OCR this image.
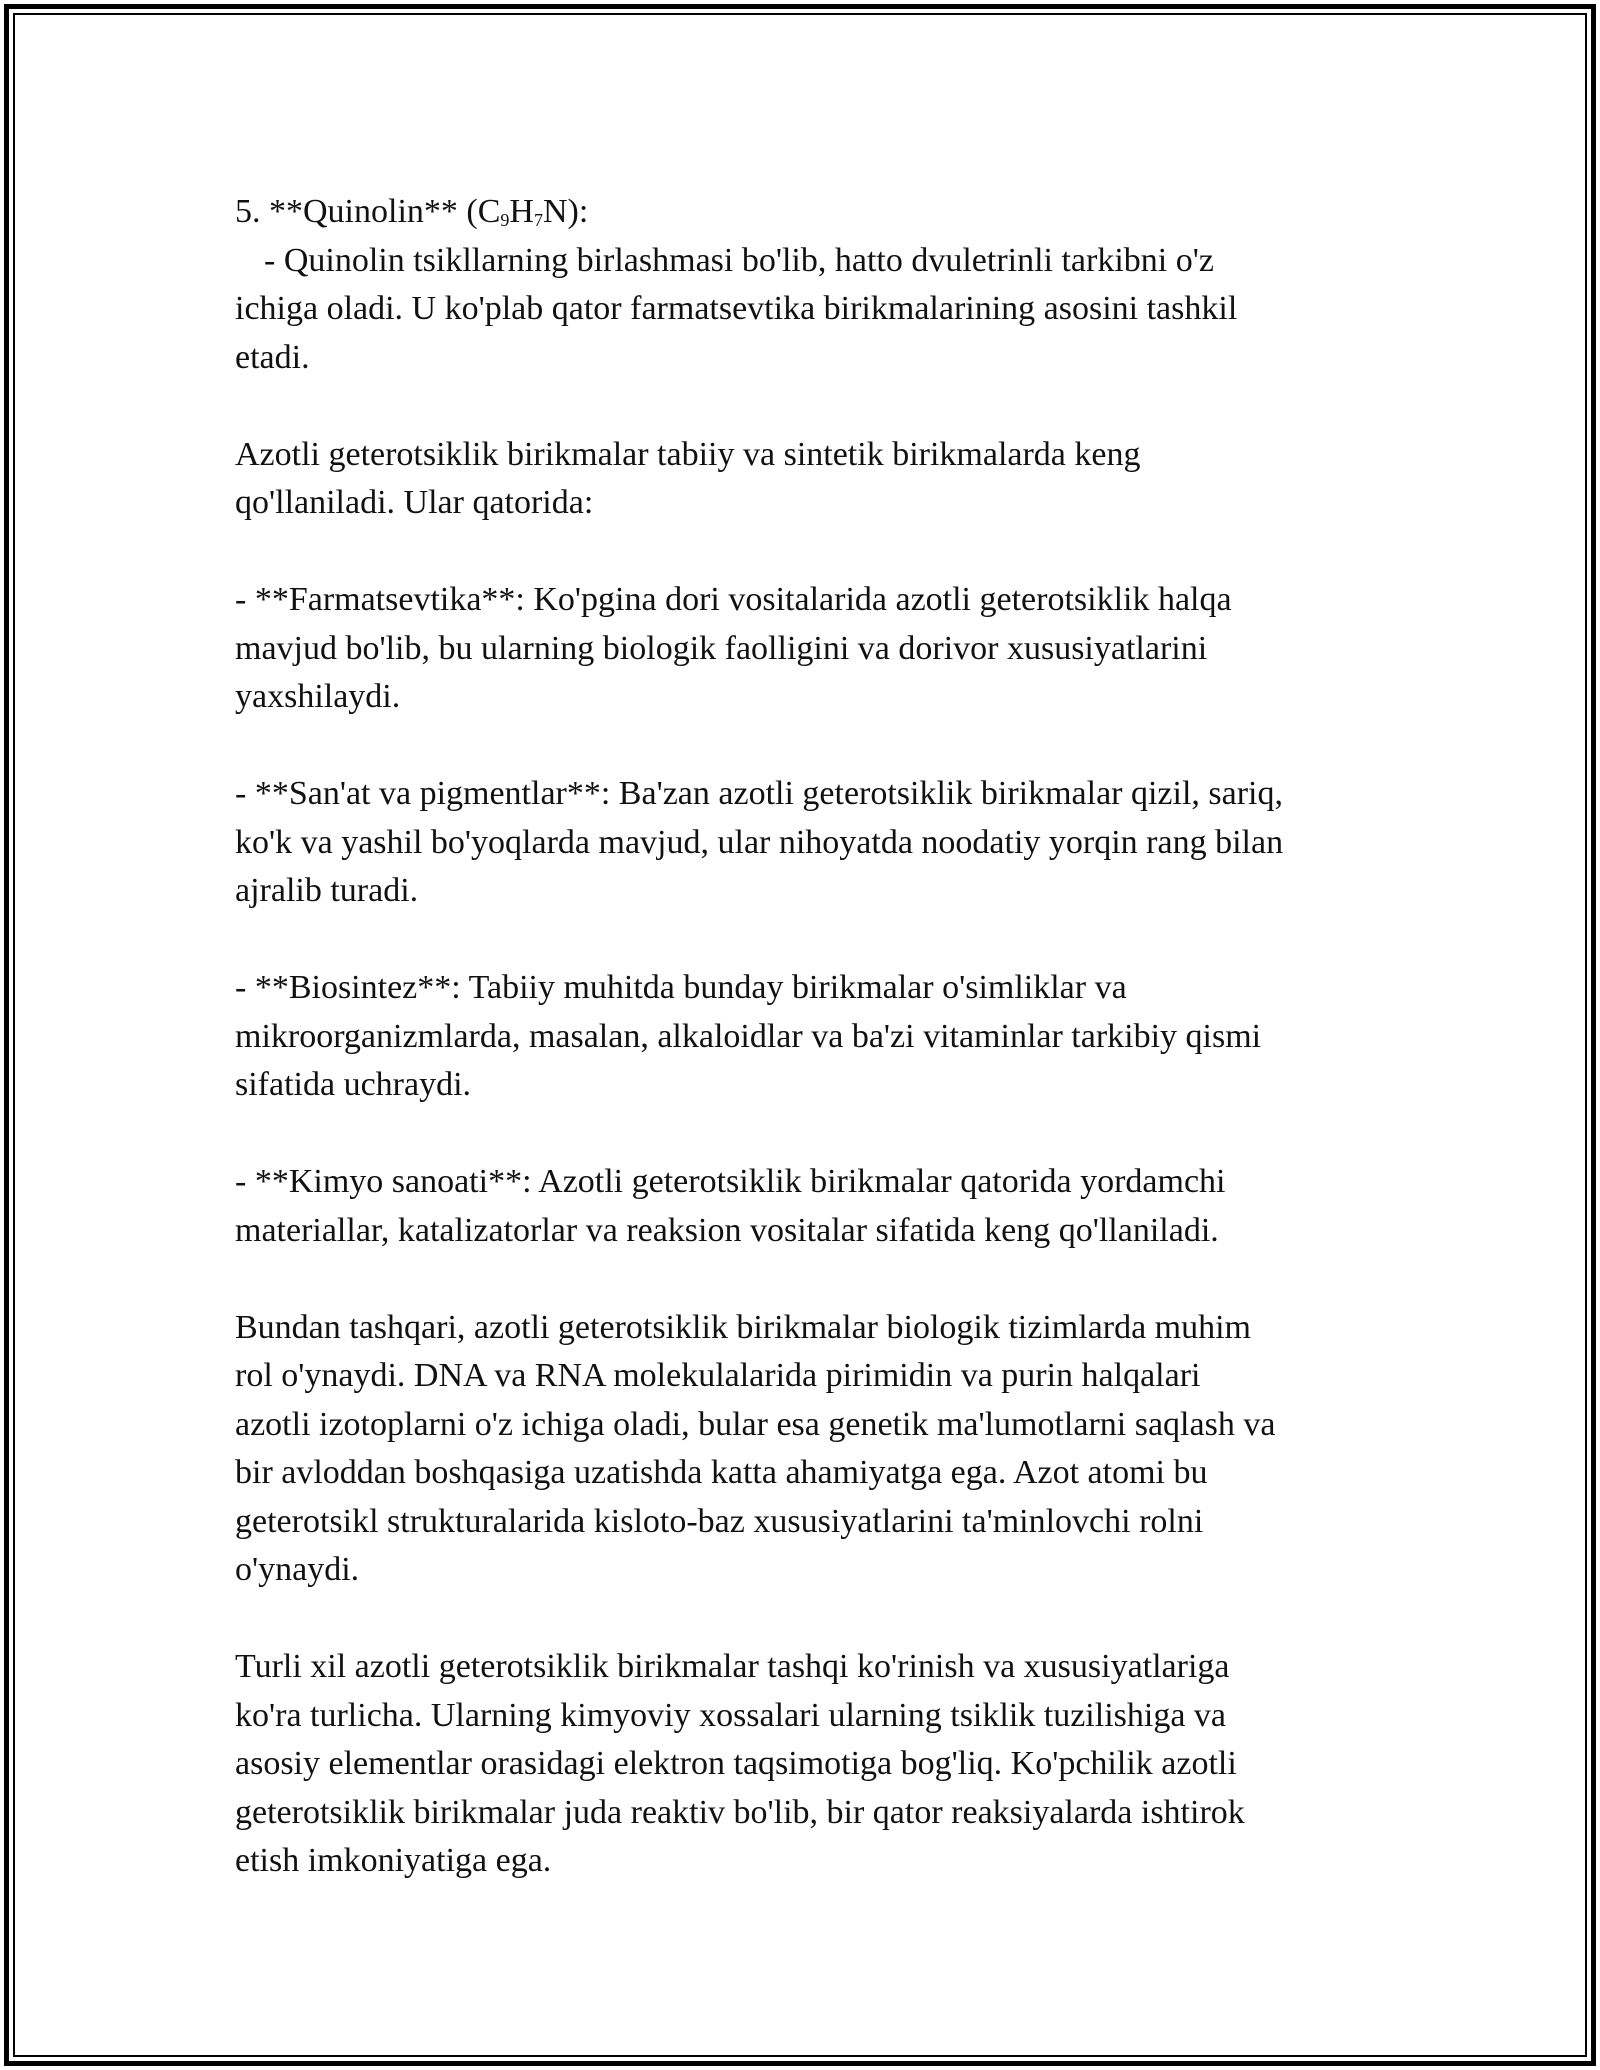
5. **Quinolin** $(C_9H_7N)$:

- Quinolin tsikllarning birlashmasi bo'lib, hatto dvuletrinli tarkibni o'z

ichiga oladi. U ko'plab qator farmatsevtika birikmalarining asosini tashkil

etadi.

Azotli geterotsiklik birikmalar tabiiy va sintetik birikmalarda keng

qo'llaniladi. Ular qatorida:

- **Farmatsevtika**: Ko'pgina dori vositalarida azotli geterotsiklik halqa

mavjud bo'lib, bu ularning biologik faolligini va dorivor xususiyatlarini

yaxshilaydi.

- **San'at va pigmentlar**: Ba'zan azotli geterotsiklik birikmalar qizil, sariq,

ko'k va yashil bo'yoqlarda mavjud, ular nihoyatda noodatiy yorqin rang bilan

ajralib turadi.

- **Biosintez**: Tabiiy muhitda bunday birikmalar o'simliklar va

mikroorganizmlarda, masalan, alkaloidlar va ba'zi vitaminlar tarkibiy qismi

sifatida uchraydi.

- **Kimyo sanoati**: Azotli geterotsiklik birikmalar qatorida yordamchi

materiallar, katalizatorlar va reaksion vositalar sifatida keng qo'llaniladi.

Bundan tashqari, azotli geterotsiklik birikmalar biologik tizimlarda muhim

rol o'ynaydi. DNA va RNA molekulalarida pirimidin va purin halqalari

azotli izotoplarni o'z ichiga oladi, bular esa genetik ma'lumotlarni saqlash va

bir avloddan boshqasiga uzatishda katta ahamiyatga ega. Azot atomi bu

geterotsikl strukturalarida kisloto-baz xususiyatlarini ta'minlovchi rolni

o'ynaydi.

Turli xil azotli geterotsiklik birikmalar tashqi ko'rinish va xususiyatlariga

ko'ra turlicha. Ularning kimyoviy xossalari ularning tsiklik tuzilishiga va

asosiy elementlar orasidagi elektron taqsimotiga bog'liq. Ko'pchilik azotli

geterotsiklik birikmalar juda reaktiv bo'lib, bir qator reaksiyalarda ishtirok

etish imkoniyatiga ega.
